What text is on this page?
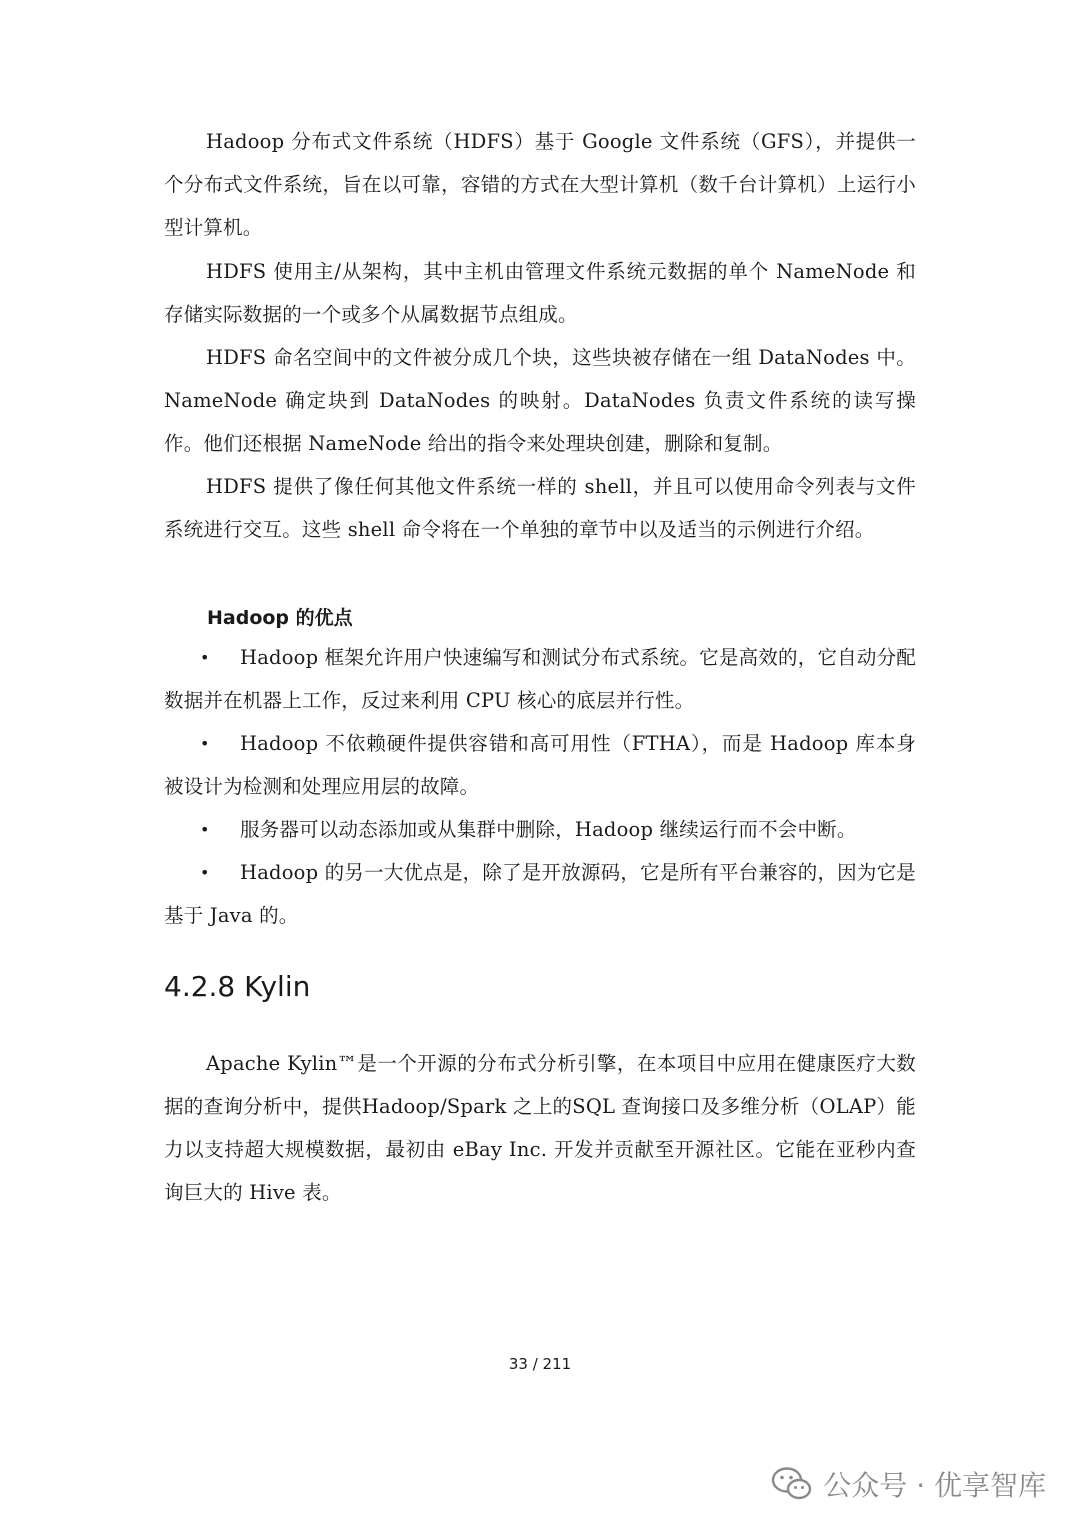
Hadoop 分布式文件系统（HDFS）基于 Google 文件系统（GFS），并提供一个分布式文件系统，旨在以可靠，容错的方式在大型计算机（数千台计算机）上运行小型计算机。

HDFS 使用主/从架构，其中主机由管理文件系统元数据的单个 NameNode 和存储实际数据的一个或多个从属数据节点组成。

HDFS 命名空间中的文件被分成几个块，这些块被存储在一组 DataNodes 中。NameNode 确定块到 DataNodes 的映射。DataNodes 负责文件系统的读写操作。他们还根据 NameNode 给出的指令来处理块创建，删除和复制。

HDFS 提供了像任何其他文件系统一样的 shell，并且可以使用命令列表与文件系统进行交互。这些 shell 命令将在一个单独的章节中以及适当的示例进行介绍。

Hadoop 的优点
• Hadoop 框架允许用户快速编写和测试分布式系统。它是高效的，它自动分配数据并在机器上工作，反过来利用 CPU 核心的底层并行性。
• Hadoop 不依赖硬件提供容错和高可用性（FTHA），而是 Hadoop 库本身被设计为检测和处理应用层的故障。
• 服务器可以动态添加或从集群中删除，Hadoop 继续运行而不会中断。
• Hadoop 的另一大优点是，除了是开放源码，它是所有平台兼容的，因为它是基于 Java 的。
4.2.8 Kylin

Apache Kylin™是一个开源的分布式分析引擎，在本项目中应用在健康医疗大数据的查询分析中，提供Hadoop/Spark 之上的SQL 查询接口及多维分析（OLAP）能力以支持超大规模数据，最初由 eBay Inc. 开发并贡献至开源社区。它能在亚秒内查询巨大的 Hive 表。

33 / 211
公众号 · 优享智库
